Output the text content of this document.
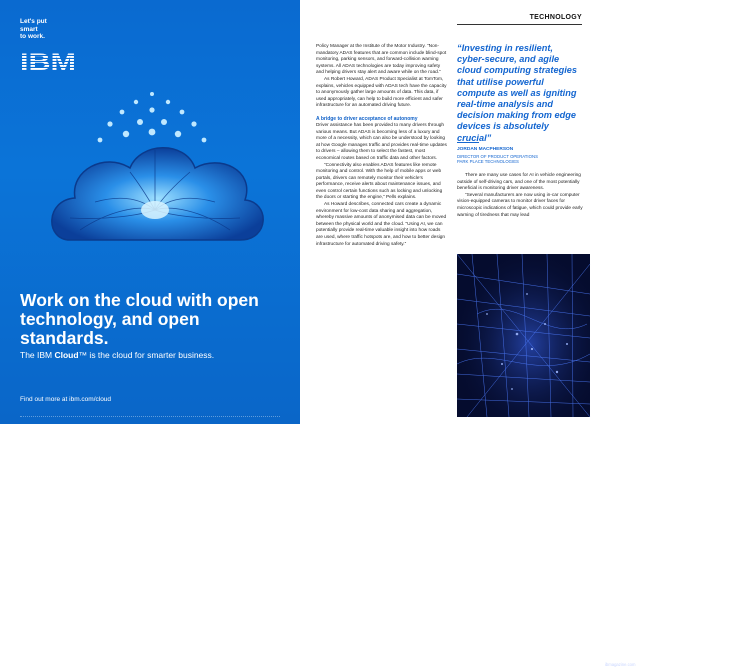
Let's put
smart
to work.
Work on the cloud with open technology, and open standards.
The IBM Cloud™ is the cloud for smarter business.
Find out more at ibm.com/cloud
TECHNOLOGY

Policy Manager at the Institute of the Motor Industry. “Non-mandatory ADAS features that are common include blind-spot monitoring, parking sensors, and forward-collision warning systems. All ADAS technologies are today improving safety and helping drivers stay alert and aware while on the road.”

As Robert Howard, ADAS Product Specialist at TomTom, explains, vehicles equipped with ADAS tech have the capacity to anonymously gather large amounts of data. This data, if used appropriately, can help to build more efficient and safer infrastructure for an automated driving future.

A bridge to driver acceptance of autonomy

Driver assistance has been provided to many drivers through various means. But ADAS is becoming less of a luxury and more of a necessity, which can also be understood by looking at how Google manages traffic and provides real-time updates to drivers – allowing them to select the fastest, most economical routes based on traffic data and other factors.

“Connectivity also enables ADAS features like remote monitoring and control. With the help of mobile apps or web portals, drivers can remotely monitor their vehicle’s performance, receive alerts about maintenance issues, and even control certain functions such as locking and unlocking the doors or starting the engine,” Pells explains.

As Howard describes, connected cars create a dynamic environment for low-cost data sharing and aggregation, whereby massive amounts of anonymised data can be moved between the physical world and the cloud. “Using AI, we can potentially provide real-time valuable insight into how roads are used, where traffic hotspots are, and how to better design infrastructure for automated driving safety.”

“Investing in resilient, cyber-secure, and agile cloud computing strategies that utilise powerful compute as well as igniting real-time analysis and decision making from edge devices is absolutely crucial”
JORDAN MACPHERSON
DIRECTOR OF PRODUCT OPERATIONS
PARK PLACE TECHNOLOGIES

There are many use cases for AI in vehicle engineering outside of self-driving cars, and one of the most potentially beneficial is monitoring driver awareness.

“Several manufacturers are now using in-car computer vision-equipped cameras to monitor driver faces for microscopic indications of fatigue, which could provide early warning of tiredness that may lead

ibmagazine.com	115
